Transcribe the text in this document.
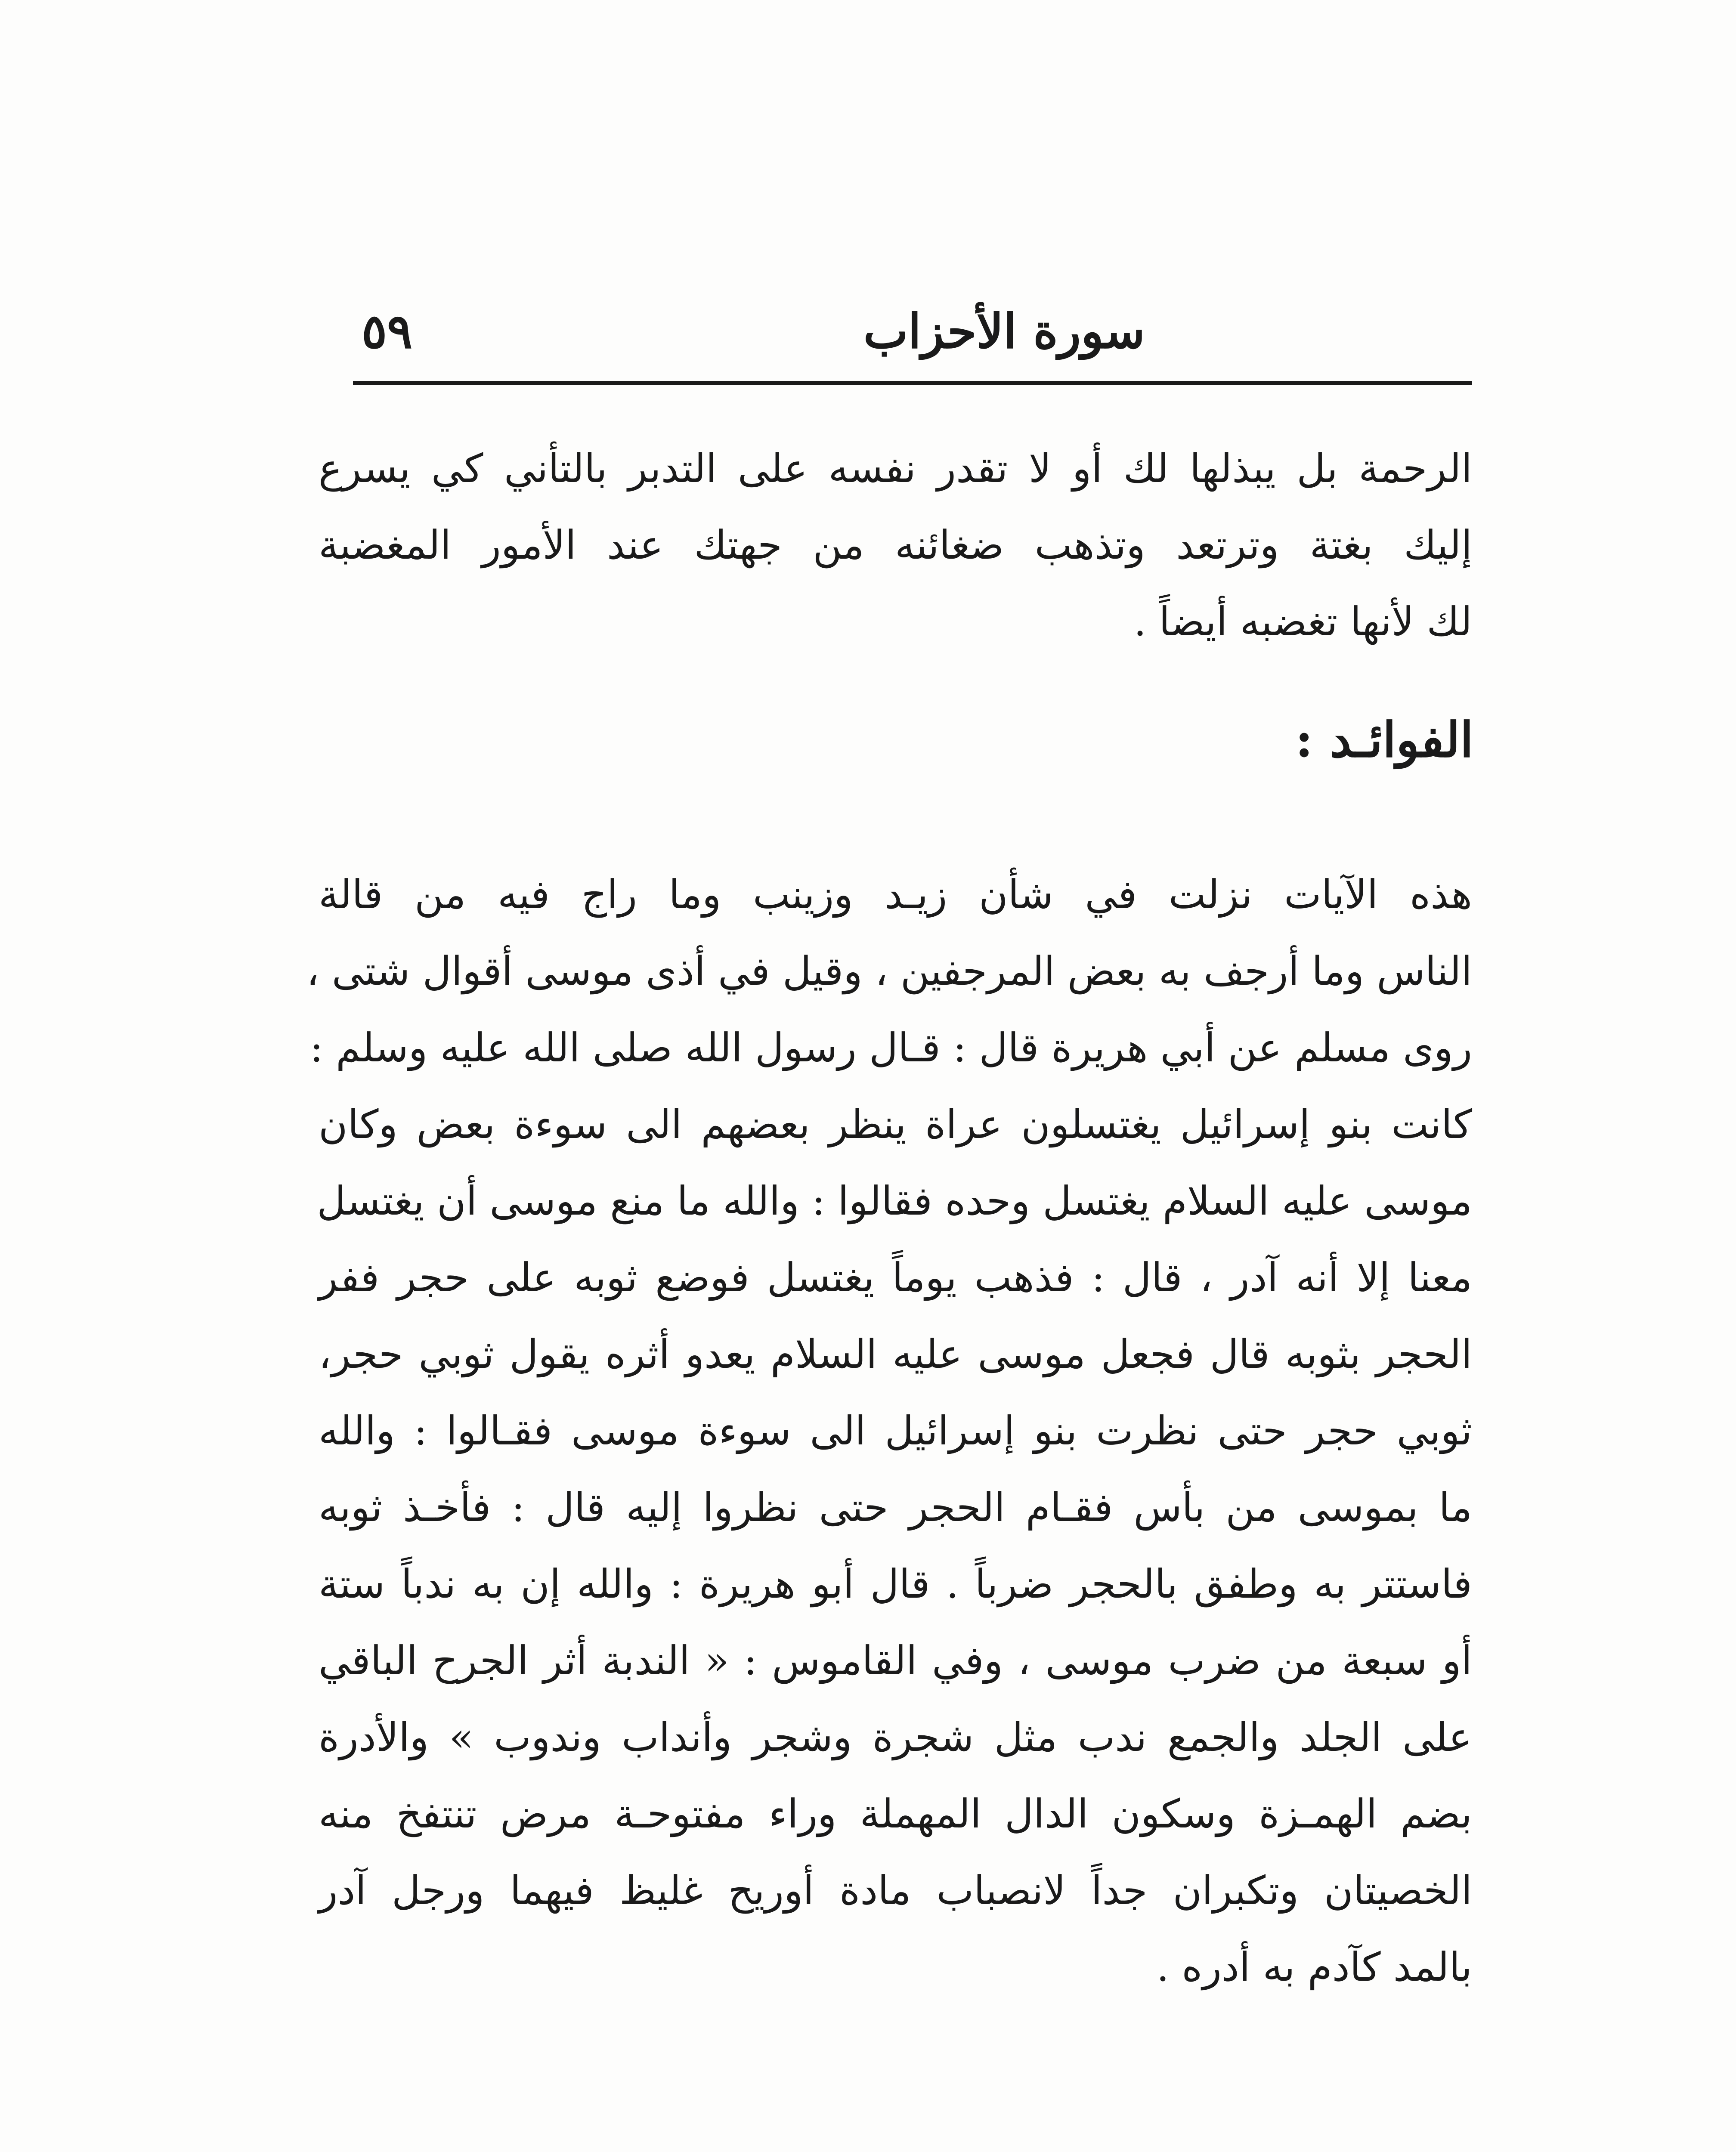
٥٩	سورة الأحزاب
الرحمة بل يبذلها لك أو لا تقدر نفسه على التدبر بالتأني كي يسرع
إليك بغتة وترتعد وتذهب ضغائنه من جهتك عند الأمور المغضبة
لك لأنها تغضبه أيضاً .
الفوائـد :
هذه الآيات نزلت في شأن زيـد وزينب وما راج فيه من قالة
الناس وما أرجف به بعض المرجفين ، وقيل في أذى موسى أقوال شتى ،
روى مسلم عن أبي هريرة قال : قـال رسول الله صلى الله عليه وسلم :
كانت بنو إسرائيل يغتسلون عراة ينظر بعضهم الى سوءة بعض وكان
موسى عليه السلام يغتسل وحده فقالوا : والله ما منع موسى أن يغتسل
معنا إلا أنه آدر ، قال : فذهب يوماً يغتسل فوضع ثوبه على حجر ففر
الحجر بثوبه قال فجعل موسى عليه السلام يعدو أثره يقول ثوبي حجر،
ثوبي حجر حتى نظرت بنو إسرائيل الى سوءة موسى فقـالوا : والله
ما بموسى من بأس فقـام الحجر حتى نظروا إليه قال : فأخـذ ثوبه
فاستتر به وطفق بالحجر ضرباً . قال أبو هريرة : والله إن به ندباً ستة
أو سبعة من ضرب موسى ، وفي القاموس : « الندبة أثر الجرح الباقي
على الجلد والجمع ندب مثل شجرة وشجر وأنداب وندوب » والأدرة
بضم الهمـزة وسكون الدال المهملة وراء مفتوحـة مرض تنتفخ منه
الخصيتان وتكبران جداً لانصباب مادة أوريح غليظ فيهما ورجل آدر
بالمد كآدم به أدره .
